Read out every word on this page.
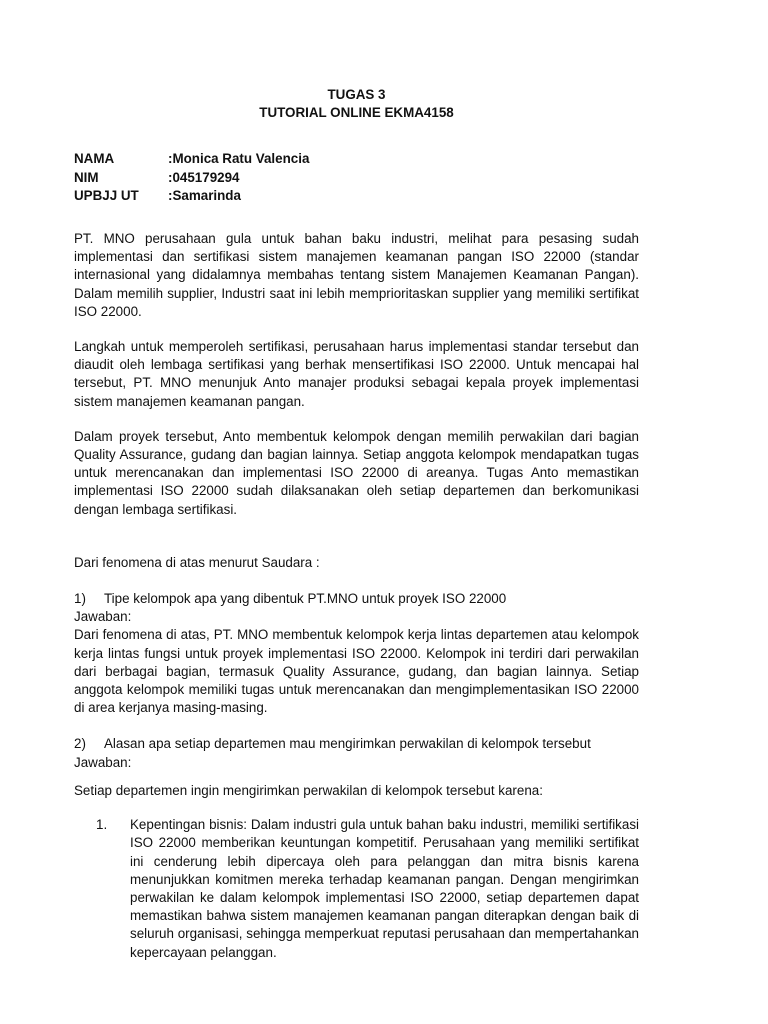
TUGAS 3

TUTORIAL ONLINE EKMA4158

NAMA	:Monica Ratu Valencia
NIM	:045179294
UPBJJ UT	:Samarinda

PT. MNO perusahaan gula untuk bahan baku industri, melihat para pesasing sudah implementasi dan sertifikasi sistem manajemen keamanan pangan ISO 22000 (standar internasional yang didalamnya membahas tentang sistem Manajemen Keamanan Pangan). Dalam memilih supplier, Industri saat ini lebih memprioritaskan supplier yang memiliki sertifikat ISO 22000.

Langkah untuk memperoleh sertifikasi, perusahaan harus implementasi standar tersebut dan diaudit oleh lembaga sertifikasi yang berhak mensertifikasi ISO 22000. Untuk mencapai hal tersebut, PT. MNO menunjuk Anto manajer produksi sebagai kepala proyek implementasi sistem manajemen keamanan pangan.

Dalam proyek tersebut, Anto membentuk kelompok dengan memilih perwakilan dari bagian Quality Assurance, gudang dan bagian lainnya. Setiap anggota kelompok mendapatkan tugas untuk merencanakan dan implementasi ISO 22000 di areanya. Tugas Anto memastikan implementasi ISO 22000 sudah dilaksanakan oleh setiap departemen dan berkomunikasi dengan lembaga sertifikasi.

Dari fenomena di atas menurut Saudara :

1)	Tipe kelompok apa yang dibentuk PT.MNO untuk proyek ISO 22000
Jawaban:

Dari fenomena di atas, PT. MNO membentuk kelompok kerja lintas departemen atau kelompok kerja lintas fungsi untuk proyek implementasi ISO 22000. Kelompok ini terdiri dari perwakilan dari berbagai bagian, termasuk Quality Assurance, gudang, dan bagian lainnya. Setiap anggota kelompok memiliki tugas untuk merencanakan dan mengimplementasikan ISO 22000 di area kerjanya masing-masing.

2)	Alasan apa setiap departemen mau mengirimkan perwakilan di kelompok tersebut
Jawaban:

Setiap departemen ingin mengirimkan perwakilan di kelompok tersebut karena:

1.	Kepentingan bisnis: Dalam industri gula untuk bahan baku industri, memiliki sertifikasi ISO 22000 memberikan keuntungan kompetitif. Perusahaan yang memiliki sertifikat ini cenderung lebih dipercaya oleh para pelanggan dan mitra bisnis karena menunjukkan komitmen mereka terhadap keamanan pangan. Dengan mengirimkan perwakilan ke dalam kelompok implementasi ISO 22000, setiap departemen dapat memastikan bahwa sistem manajemen keamanan pangan diterapkan dengan baik di seluruh organisasi, sehingga memperkuat reputasi perusahaan dan mempertahankan kepercayaan pelanggan.
